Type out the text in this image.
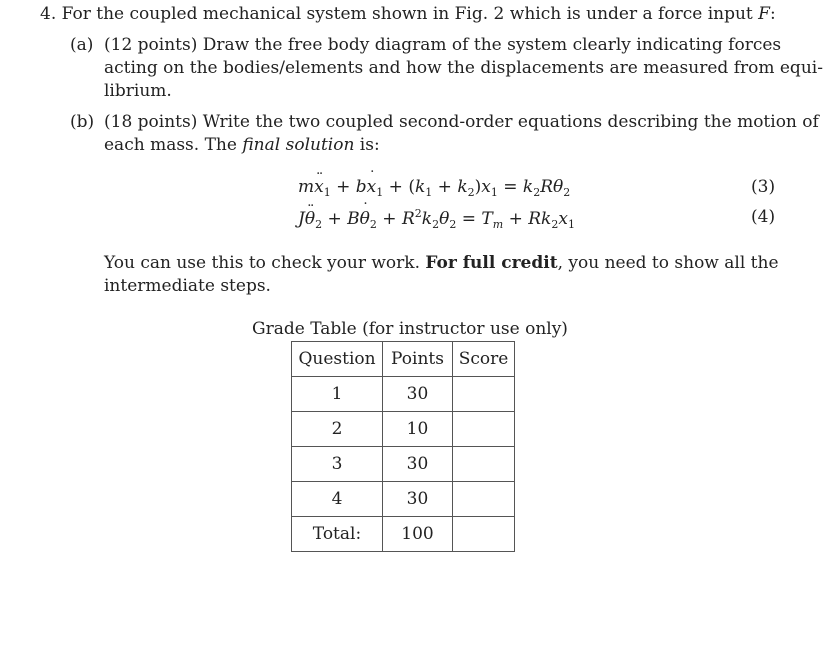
4. For the coupled mechanical system shown in Fig. 2 which is under a force input F:
(a) (12 points) Draw the free body diagram of the system clearly indicating forces
acting on the bodies/elements and how the displacements are measured from equi-
librium.
(b) (18 points) Write the two coupled second-order equations describing the motion of
each mass. The final solution is:
mx $¨_1$ + bx $˙_1 + (k_1 + k_2)x_1 = k_2R\theta_2$	(3)
Jθ $¨_2 + B\theta$ $˙_2 + R^2k_2\theta_2 = T_m + Rk_2x_1$	(4)
You can use this to check your work. For full credit, you need to show all the
intermediate steps.
Grade Table (for instructor use only)
Question	Points	Score
1	30	
2	10	
3	30	
4	30	
Total:	100	
